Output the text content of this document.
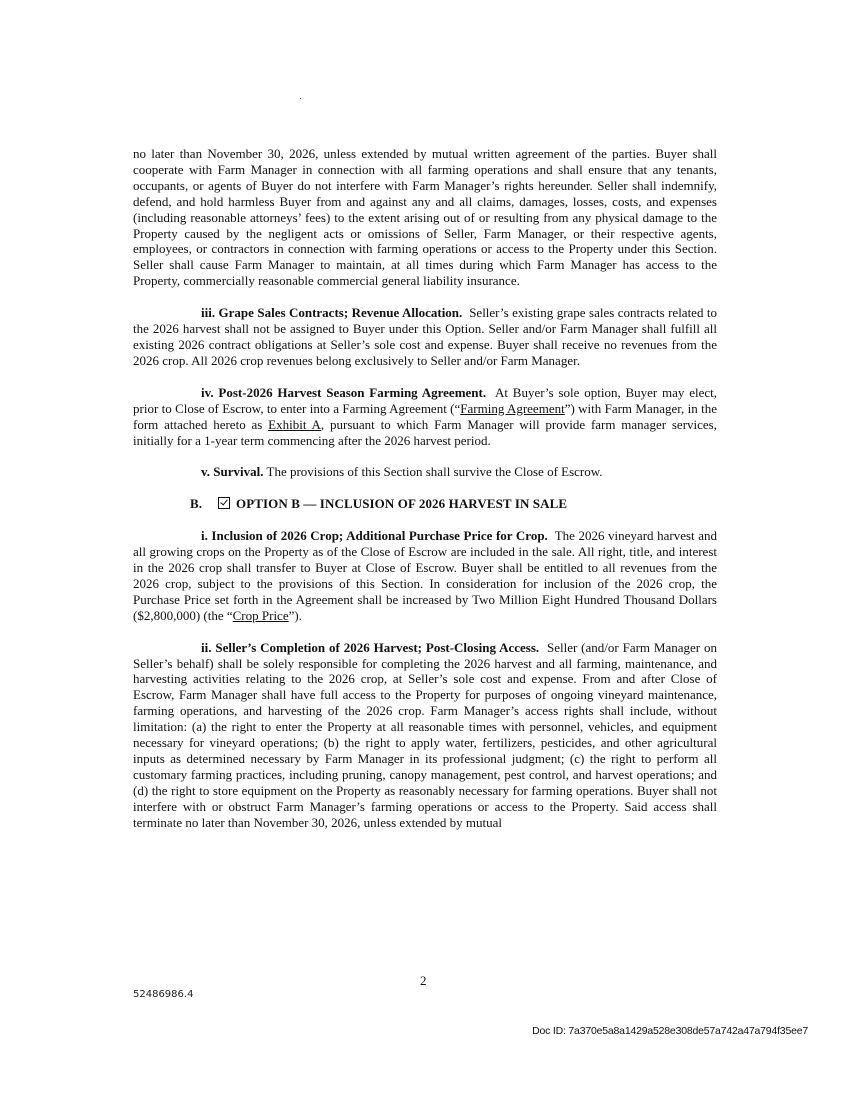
no later than November 30, 2026, unless extended by mutual written agreement of the parties. Buyer shall cooperate with Farm Manager in connection with all farming operations and shall ensure that any tenants, occupants, or agents of Buyer do not interfere with Farm Manager’s rights hereunder. Seller shall indemnify, defend, and hold harmless Buyer from and against any and all claims, damages, losses, costs, and expenses (including reasonable attorneys’ fees) to the extent arising out of or resulting from any physical damage to the Property caused by the negligent acts or omissions of Seller, Farm Manager, or their respective agents, employees, or contractors in connection with farming operations or access to the Property under this Section. Seller shall cause Farm Manager to maintain, at all times during which Farm Manager has access to the Property, commercially reasonable commercial general liability insurance.

iii. Grape Sales Contracts; Revenue Allocation. Seller’s existing grape sales contracts related to the 2026 harvest shall not be assigned to Buyer under this Option. Seller and/or Farm Manager shall fulfill all existing 2026 contract obligations at Seller’s sole cost and expense. Buyer shall receive no revenues from the 2026 crop. All 2026 crop revenues belong exclusively to Seller and/or Farm Manager.

iv. Post-2026 Harvest Season Farming Agreement. At Buyer’s sole option, Buyer may elect, prior to Close of Escrow, to enter into a Farming Agreement (“Farming Agreement”) with Farm Manager, in the form attached hereto as Exhibit A, pursuant to which Farm Manager will provide farm manager services, initially for a 1-year term commencing after the 2026 harvest period.

v. Survival. The provisions of this Section shall survive the Close of Escrow.

B.	OPTION B — INCLUSION OF 2026 HARVEST IN SALE

i. Inclusion of 2026 Crop; Additional Purchase Price for Crop. The 2026 vineyard harvest and all growing crops on the Property as of the Close of Escrow are included in the sale. All right, title, and interest in the 2026 crop shall transfer to Buyer at Close of Escrow. Buyer shall be entitled to all revenues from the 2026 crop, subject to the provisions of this Section. In consideration for inclusion of the 2026 crop, the Purchase Price set forth in the Agreement shall be increased by Two Million Eight Hundred Thousand Dollars ($2,800,000) (the “Crop Price”).

ii. Seller’s Completion of 2026 Harvest; Post-Closing Access. Seller (and/or Farm Manager on Seller’s behalf) shall be solely responsible for completing the 2026 harvest and all farming, maintenance, and harvesting activities relating to the 2026 crop, at Seller’s sole cost and expense. From and after Close of Escrow, Farm Manager shall have full access to the Property for purposes of ongoing vineyard maintenance, farming operations, and harvesting of the 2026 crop. Farm Manager’s access rights shall include, without limitation: (a) the right to enter the Property at all reasonable times with personnel, vehicles, and equipment necessary for vineyard operations; (b) the right to apply water, fertilizers, pesticides, and other agricultural inputs as determined necessary by Farm Manager in its professional judgment; (c) the right to perform all customary farming practices, including pruning, canopy management, pest control, and harvest operations; and (d) the right to store equipment on the Property as reasonably necessary for farming operations. Buyer shall not interfere with or obstruct Farm Manager’s farming operations or access to the Property. Said access shall terminate no later than November 30, 2026, unless extended by mutual

2
52486986.4
Doc ID: 7a370e5a8a1429a528e308de57a742a47a794f35ee7
